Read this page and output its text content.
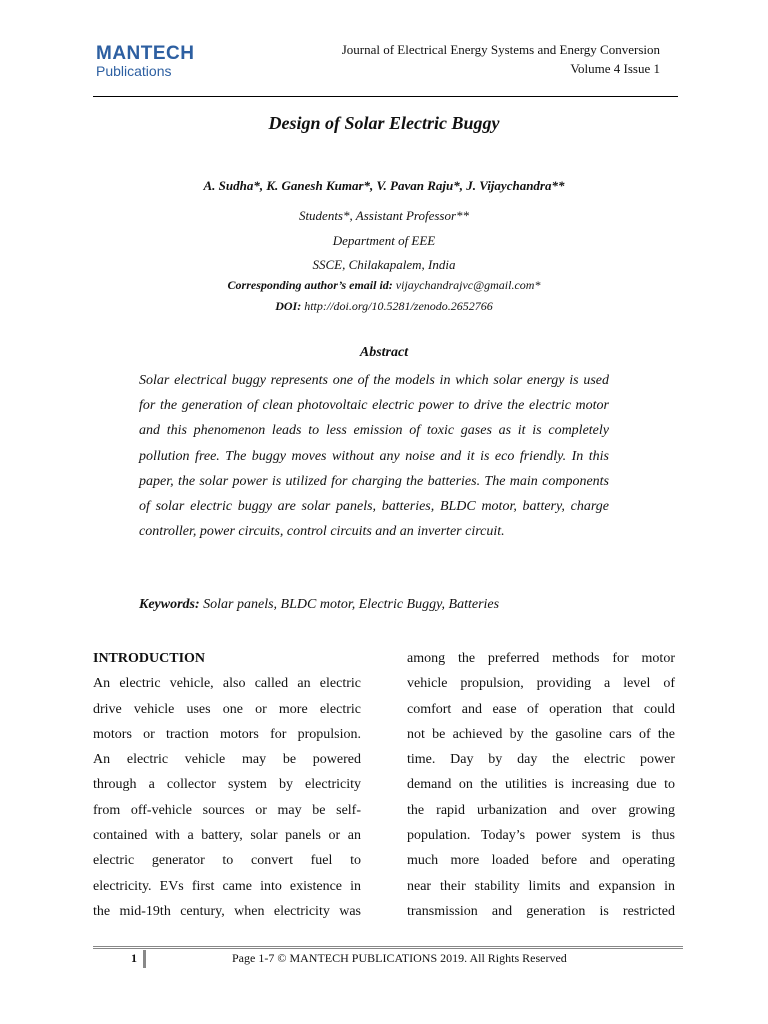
MANTECH
Publications
Journal of Electrical Energy Systems and Energy Conversion
Volume 4 Issue 1
Design of Solar Electric Buggy
A. Sudha*, K. Ganesh Kumar*, V. Pavan Raju*, J. Vijaychandra**
Students*, Assistant Professor**
Department of EEE
SSCE, Chilakapalem, India
Corresponding author’s email id: vijaychandrajvc@gmail.com*
DOI: http://doi.org/10.5281/zenodo.2652766
Abstract

Solar electrical buggy represents one of the models in which solar energy is used for the generation of clean photovoltaic electric power to drive the electric motor and this phenomenon leads to less emission of toxic gases as it is completely pollution free. The buggy moves without any noise and it is eco friendly. In this paper, the solar power is utilized for charging the batteries. The main components of solar electric buggy are solar panels, batteries, BLDC motor, battery, charge controller, power circuits, control circuits and an inverter circuit.

Keywords: Solar panels, BLDC motor, Electric Buggy, Batteries
INTRODUCTION
An electric vehicle, also called an electric
drive vehicle uses one or more electric
motors or traction motors for propulsion.
An electric vehicle may be powered
through a collector system by electricity
from off-vehicle sources or may be self-
contained with a battery, solar panels or an
electric generator to convert fuel to
electricity. EVs first came into existence in
the mid-19th century, when electricity was
among the preferred methods for motor
vehicle propulsion, providing a level of
comfort and ease of operation that could
not be achieved by the gasoline cars of the
time. Day by day the electric power
demand on the utilities is increasing due to
the rapid urbanization and over growing
population. Today’s power system is thus
much more loaded before and operating
near their stability limits and expansion in
transmission and generation is restricted
1	Page 1-7 © MANTECH PUBLICATIONS 2019. All Rights Reserved
